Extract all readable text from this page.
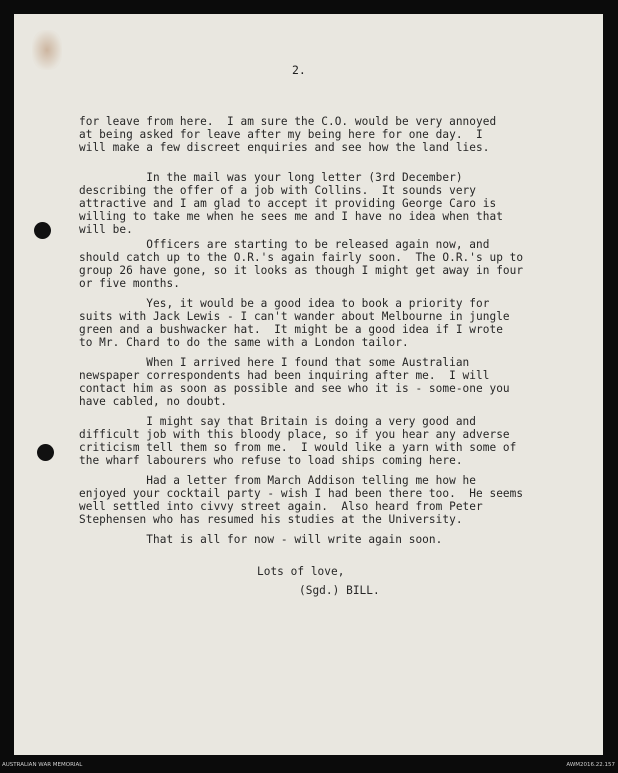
2.
for leave from here.  I am sure the C.O. would be very annoyed
at being asked for leave after my being here for one day.  I
will make a few discreet enquiries and see how the land lies.
In the mail was your long letter (3rd December)
describing the offer of a job with Collins.  It sounds very
attractive and I am glad to accept it providing George Caro is
willing to take me when he sees me and I have no idea when that
will be.
Officers are starting to be released again now, and
should catch up to the O.R.'s again fairly soon.  The O.R.'s up to
group 26 have gone, so it looks as though I might get away in four
or five months.
Yes, it would be a good idea to book a priority for
suits with Jack Lewis - I can't wander about Melbourne in jungle
green and a bushwacker hat.  It might be a good idea if I wrote
to Mr. Chard to do the same with a London tailor.
When I arrived here I found that some Australian
newspaper correspondents had been inquiring after me.  I will
contact him as soon as possible and see who it is - some-one you
have cabled, no doubt.
I might say that Britain is doing a very good and
difficult job with this bloody place, so if you hear any adverse
criticism tell them so from me.  I would like a yarn with some of
the wharf labourers who refuse to load ships coming here.
Had a letter from March Addison telling me how he
enjoyed your cocktail party - wish I had been there too.  He seems
well settled into civvy street again.  Also heard from Peter
Stephensen who has resumed his studies at the University.
That is all for now - will write again soon.
Lots of love,
(Sgd.) BILL.
AUSTRALIAN WAR MEMORIAL	AWM2016.22.157
